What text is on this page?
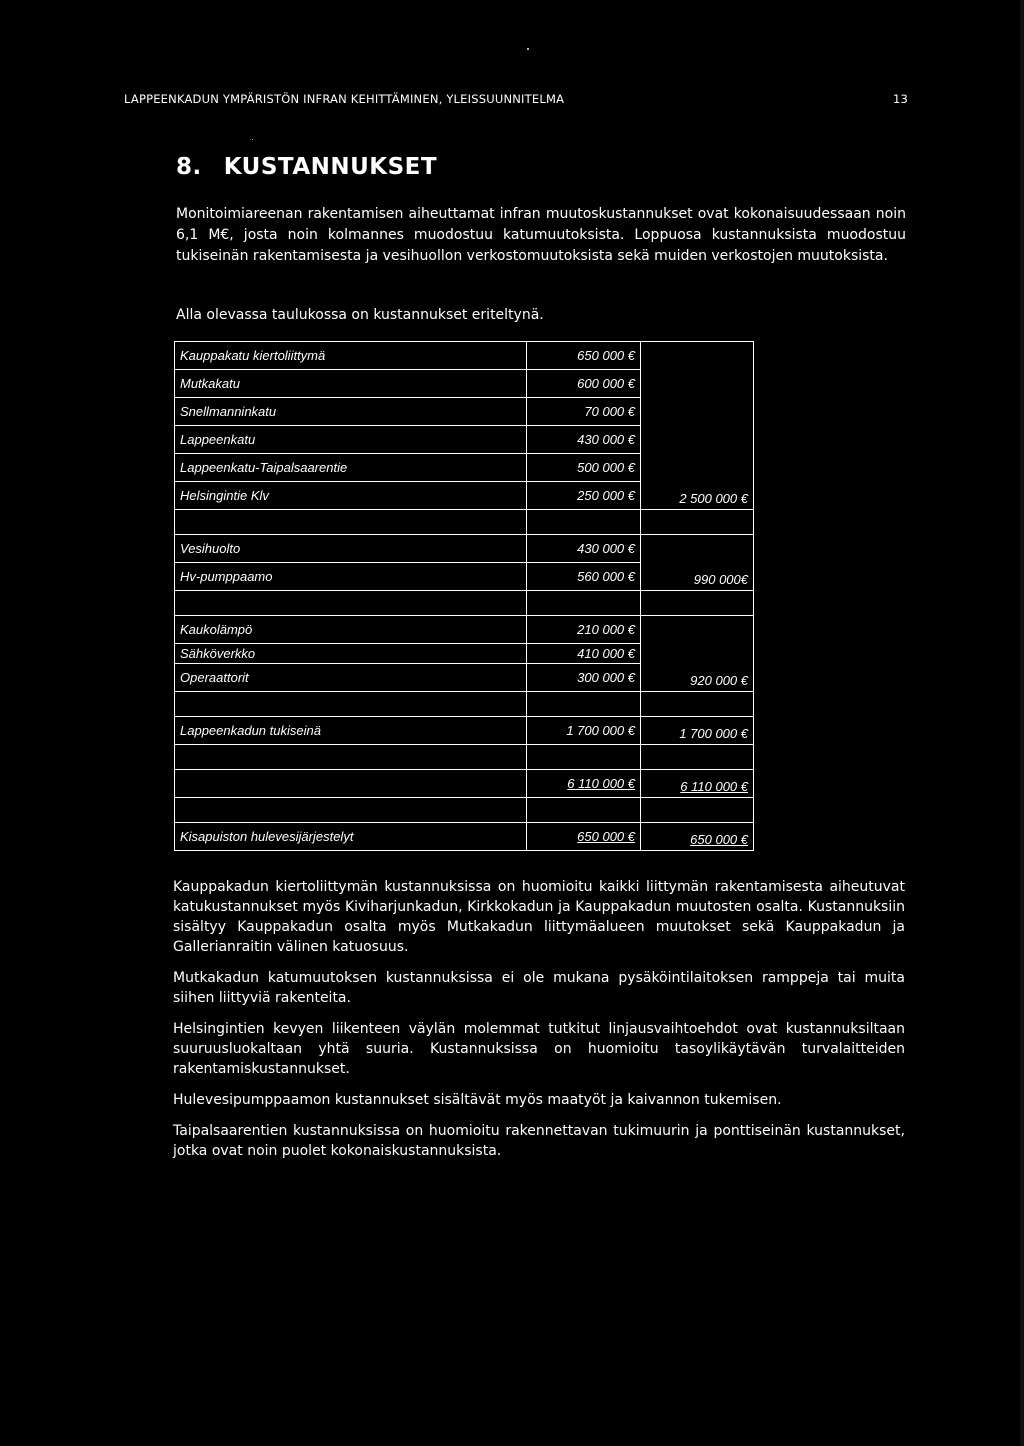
LAPPEENKADUN YMPÄRISTÖN INFRAN KEHITTÄMINEN, YLEISSUUNNITELMA	13
8. KUSTANNUKSET

Monitoimiareenan rakentamisen aiheuttamat infran muutoskustannukset ovat kokonaisuudessaan noin 6,1 M€, josta noin kolmannes muodostuu katumuutoksista. Loppuosa kustannuksista muodostuu tukiseinän rakentamisesta ja vesihuollon verkostomuutoksista sekä muiden verkostojen muutoksista.

Alla olevassa taulukossa on kustannukset eriteltynä.

Kauppakatu kiertoliittymä	650 000 €	2 500 000 €
Mutkakatu	600 000 €	
Snellmanninkatu	70 000 €	
Lappeenkatu	430 000 €	
Lappeenkatu-Taipalsaarentie	500 000 €	
Helsingintie Klv	250 000 €	

Vesihuolto	430 000 €	990 000€
Hv-pumppaamo	560 000 €	

Kaukolämpö	210 000 €	920 000 €
Sähköverkko	410 000 €	
Operaattorit	300 000 €	

Lappeenkadun tukiseinä	1 700 000 €	1 700 000 €

	6 110 000 €	6 110 000 €

Kisapuiston hulevesijärjestelyt	650 000 €	650 000 €

Kauppakadun kiertoliittymän kustannuksissa on huomioitu kaikki liittymän rakentamisesta aiheutuvat katukustannukset myös Kiviharjunkadun, Kirkkokadun ja Kauppakadun muutosten osalta. Kustannuksiin sisältyy Kauppakadun osalta myös Mutkakadun liittymäalueen muutokset sekä Kauppakadun ja Gallerianraitin välinen katuosuus.

Mutkakadun katumuutoksen kustannuksissa ei ole mukana pysäköintilaitoksen ramppeja tai muita siihen liittyviä rakenteita.

Helsingintien kevyen liikenteen väylän molemmat tutkitut linjausvaihtoehdot ovat kustannuksiltaan suuruusluokaltaan yhtä suuria. Kustannuksissa on huomioitu tasoylikäytävän turvalaitteiden rakentamiskustannukset.

Hulevesipumppaamon kustannukset sisältävät myös maatyöt ja kaivannon tukemisen.

Taipalsaarentien kustannuksissa on huomioitu rakennettavan tukimuurin ja ponttiseinän kustannukset, jotka ovat noin puolet kokonaiskustannuksista.
